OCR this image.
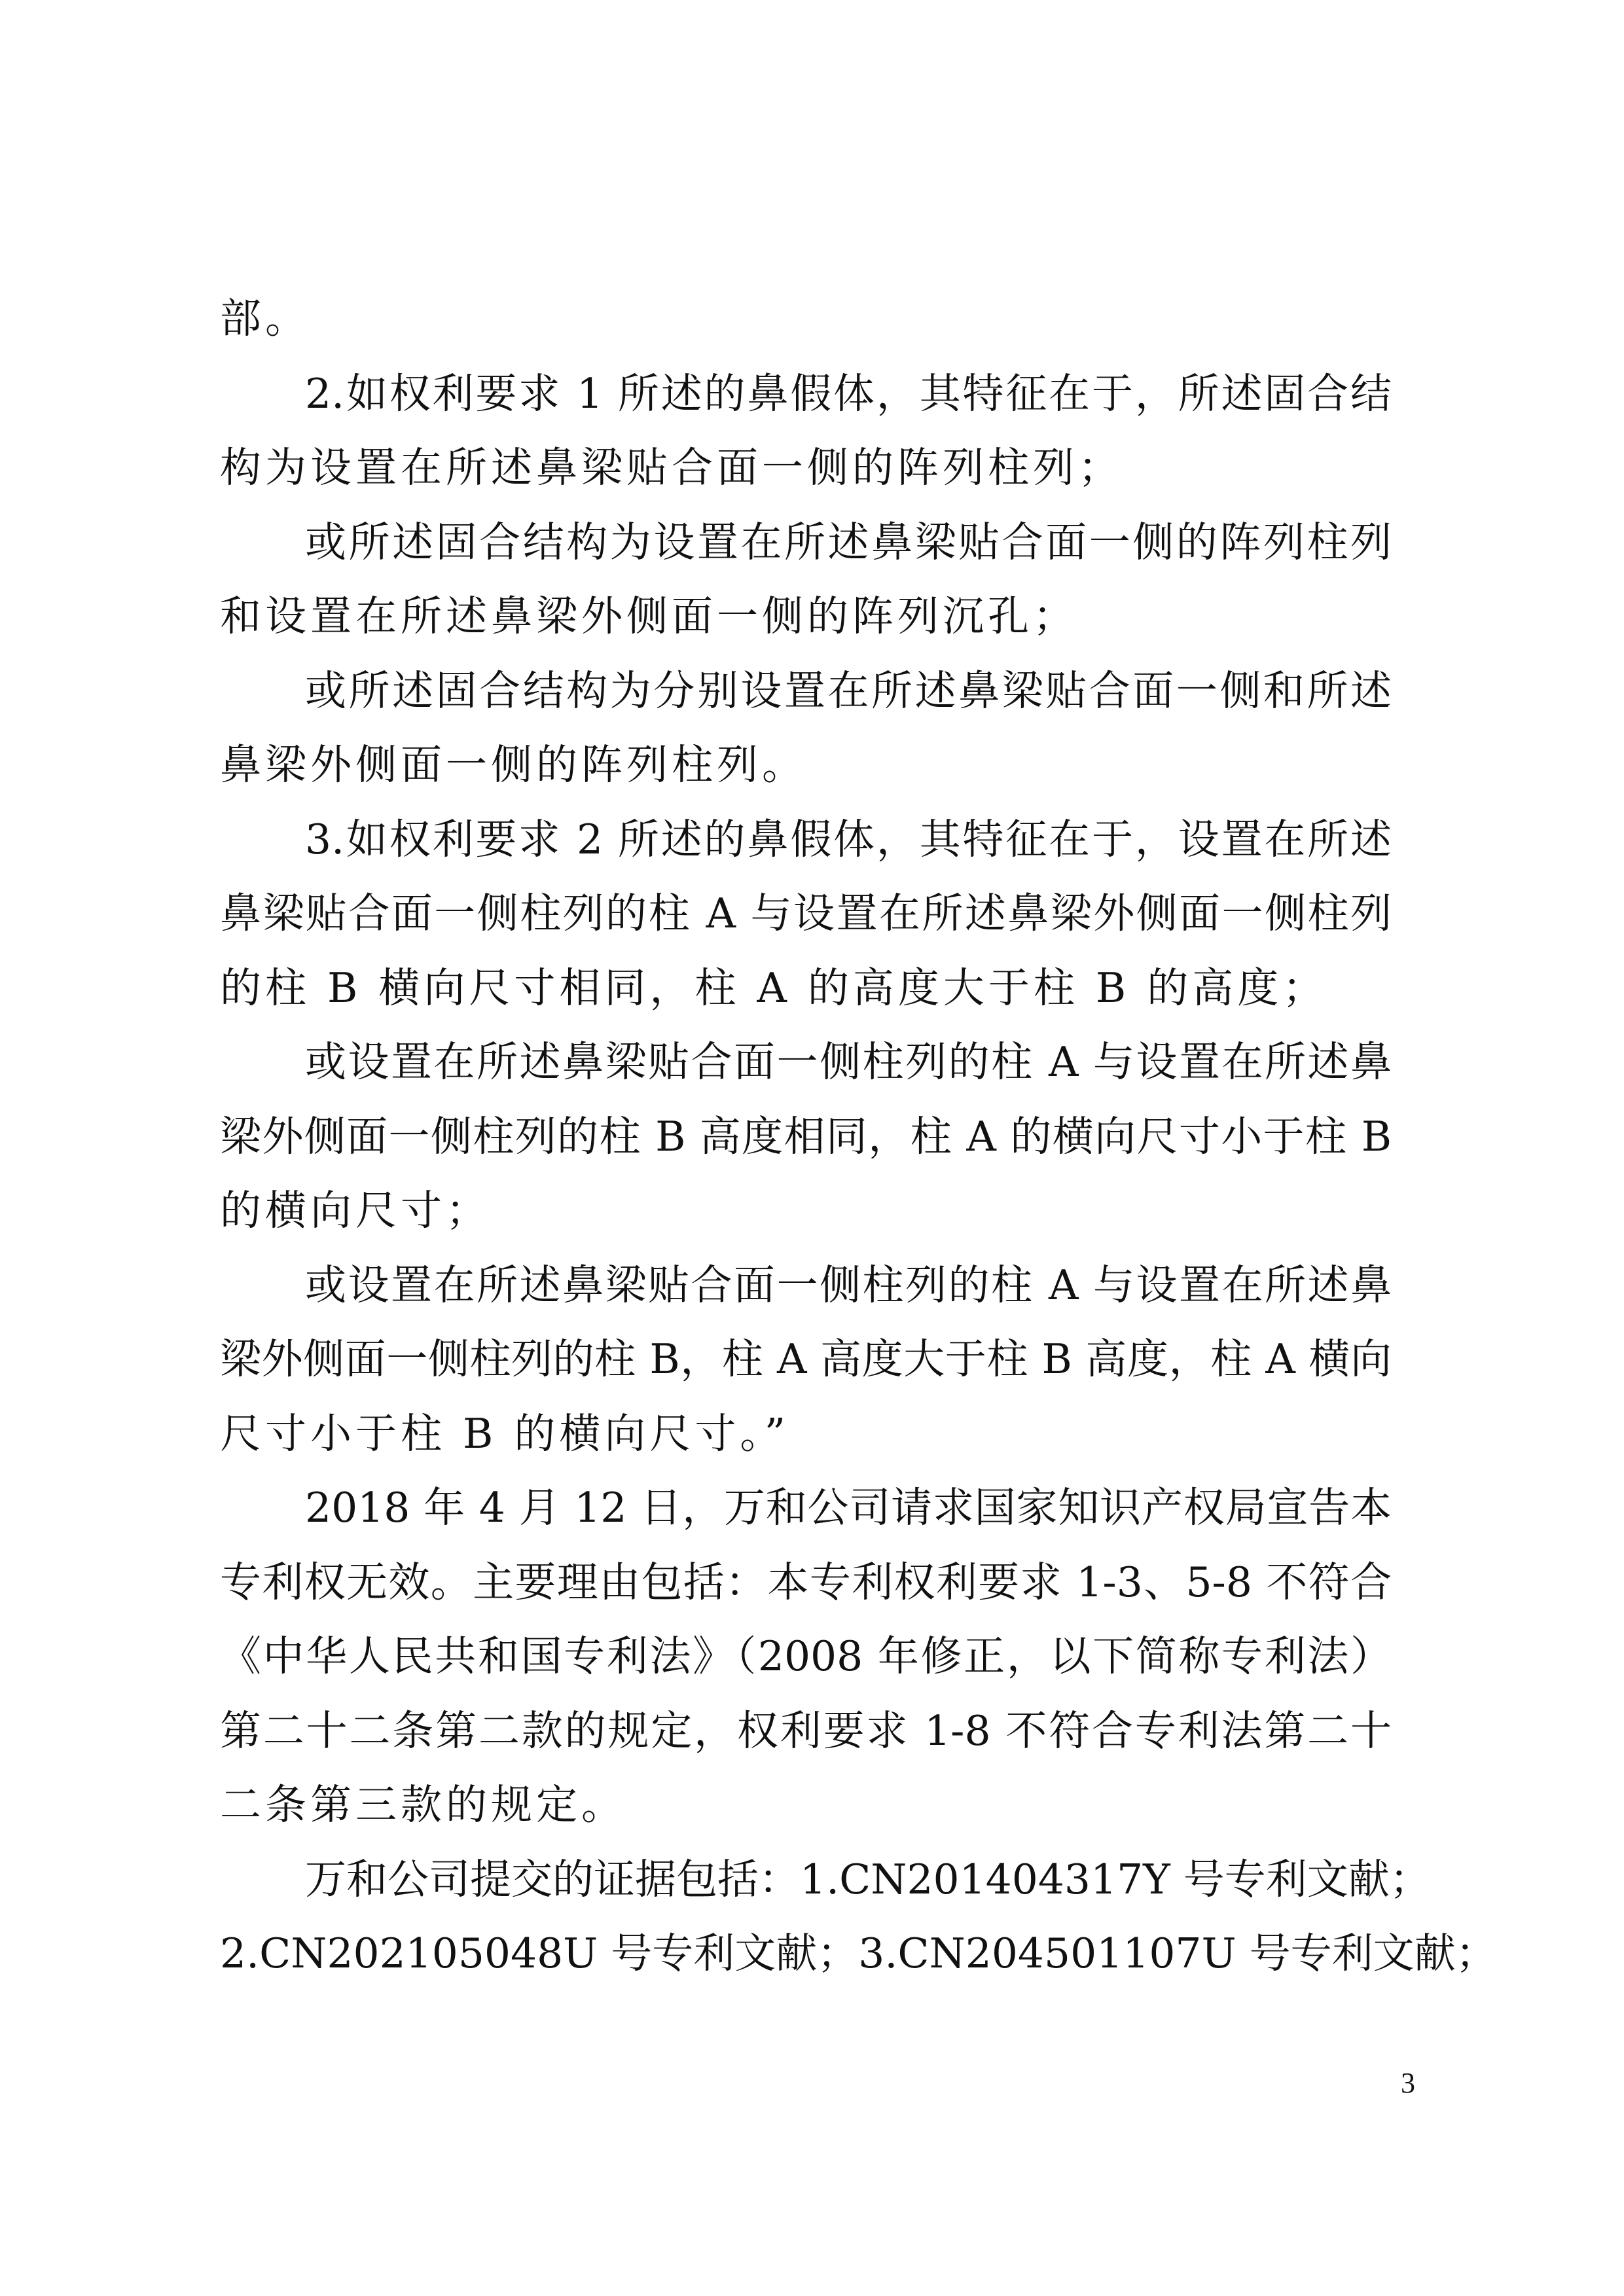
部。

2.如权利要求 1 所述的鼻假体，其特征在于，所述固合结

构为设置在所述鼻梁贴合面一侧的阵列柱列；

或所述固合结构为设置在所述鼻梁贴合面一侧的阵列柱列

和设置在所述鼻梁外侧面一侧的阵列沉孔；

或所述固合结构为分别设置在所述鼻梁贴合面一侧和所述

鼻梁外侧面一侧的阵列柱列。

3.如权利要求 2 所述的鼻假体，其特征在于，设置在所述

鼻梁贴合面一侧柱列的柱 A 与设置在所述鼻梁外侧面一侧柱列

的柱 B 横向尺寸相同，柱 A 的高度大于柱 B 的高度；

或设置在所述鼻梁贴合面一侧柱列的柱 A 与设置在所述鼻

梁外侧面一侧柱列的柱 B 高度相同，柱 A 的横向尺寸小于柱 B

的横向尺寸；

或设置在所述鼻梁贴合面一侧柱列的柱 A 与设置在所述鼻

梁外侧面一侧柱列的柱 B，柱 A 高度大于柱 B 高度，柱 A 横向

尺寸小于柱 B 的横向尺寸。”

2018 年 4 月 12 日，万和公司请求国家知识产权局宣告本

专利权无效。主要理由包括：本专利权利要求 1-3、5-8 不符合

《中华人民共和国专利法》（2008 年修正，以下简称专利法）

第二十二条第二款的规定，权利要求 1-8 不符合专利法第二十

二条第三款的规定。

万和公司提交的证据包括：1.CN201404317Y 号专利文献；

2.CN202105048U 号专利文献；3.CN204501107U 号专利文献；

3
